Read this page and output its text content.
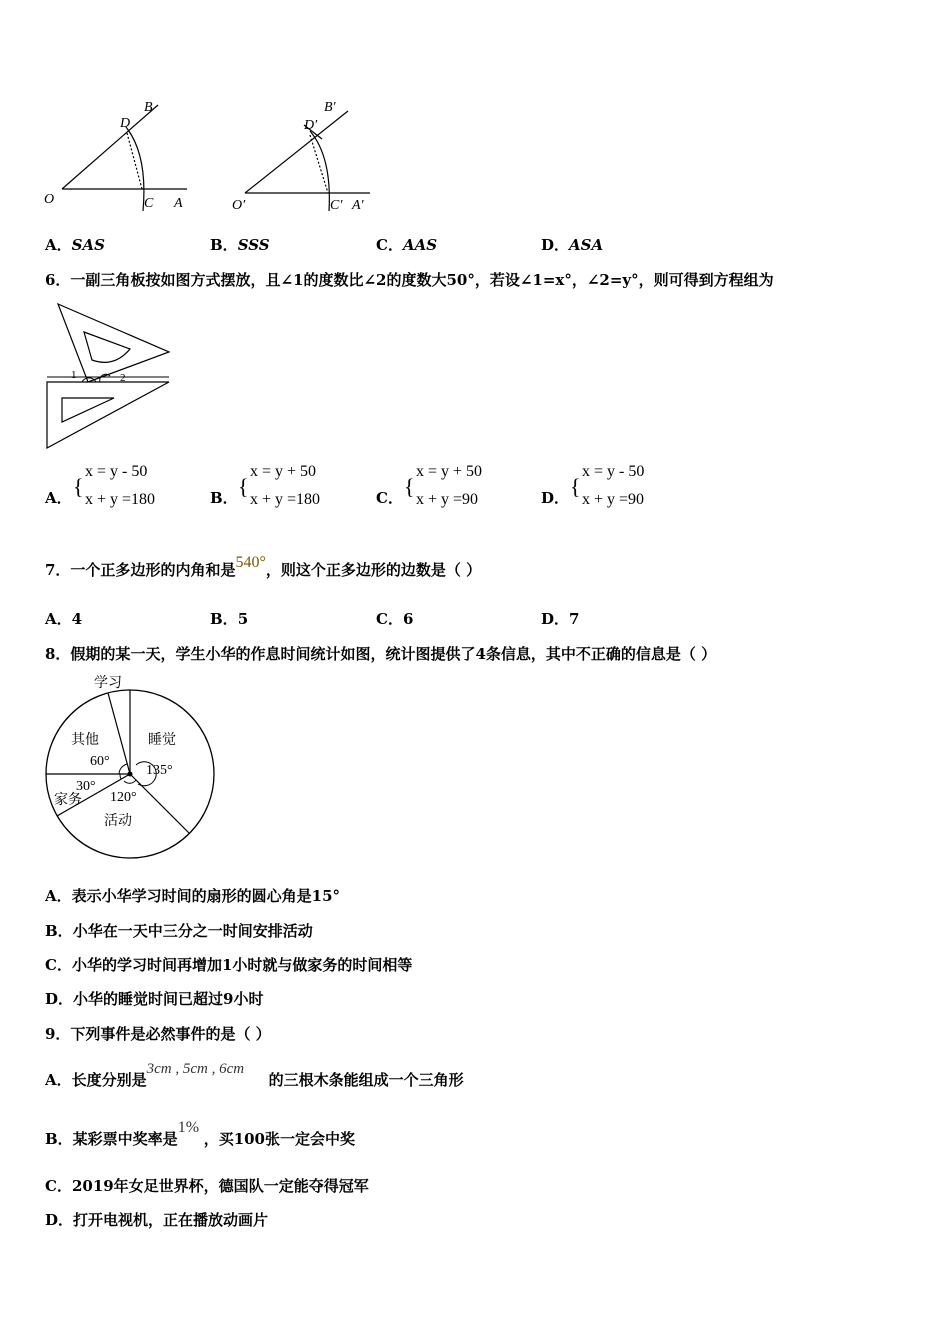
B
D
O	C A
B′
D′
O′	C′ A′
A．SAS	B．SSS	C．AAS	D．ASA
6．一副三角板按如图方式摆放，且∠1的度数比∠2的度数大50°，若设∠1=x°，∠2=y°，则可得到方程组为
1	2
A． {
x = y - 50
x + y =180	B． {
x = y + 50
x + y =180	C． {
x = y + 50
x + y =90	D． {
x = y - 50
x + y =90
7．一个正多边形的内角和是540°，则这个正多边形的边数是（ ）
A．4	B．5	C．6	D．7
8．假期的某一天，学生小华的作息时间统计如图，统计图提供了4条信息，其中不正确的信息是（ ）
学习
其他
60°
睡觉
135°
30°
家务 120°
活动
A．表示小华学习时间的扇形的圆心角是15°
B．小华在一天中三分之一时间安排活动
C．小华的学习时间再增加1小时就与做家务的时间相等
D．小华的睡觉时间已超过9小时
9．下列事件是必然事件的是（ ）
A．长度分别是3cm , 5cm , 6cm的三根木条能组成一个三角形
B．某彩票中奖率是1%，买100张一定会中奖
C．2019年女足世界杯，德国队一定能夺得冠军
D．打开电视机，正在播放动画片
